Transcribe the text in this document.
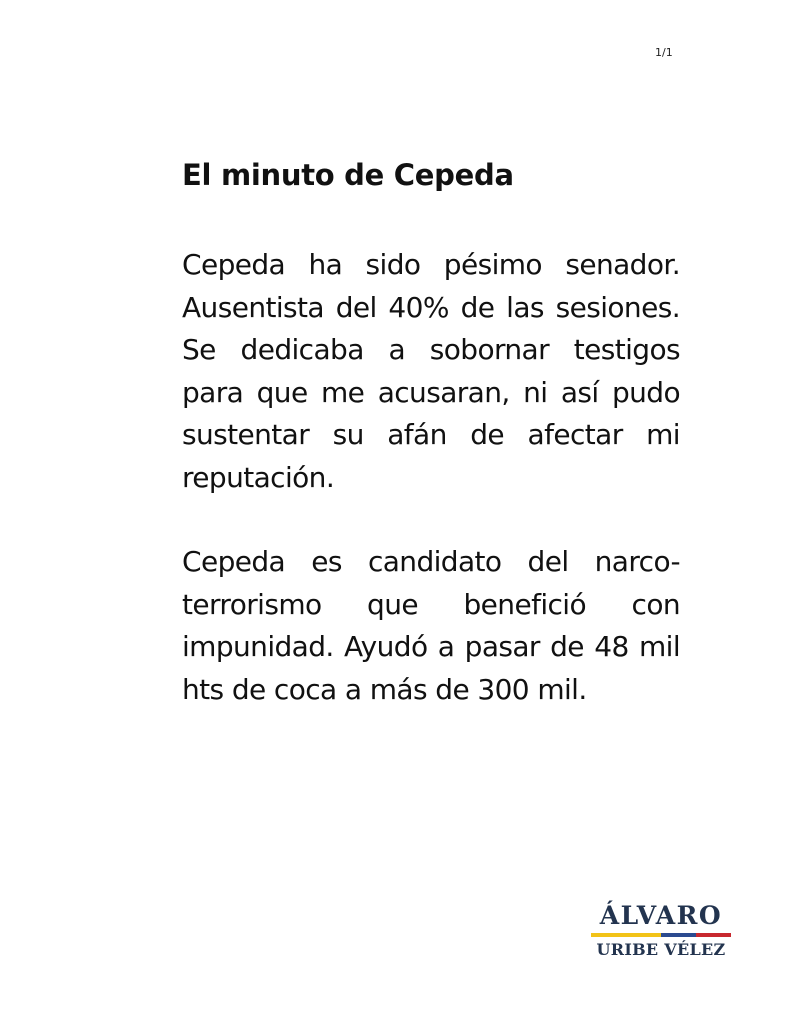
1/1
El minuto de Cepeda

Cepeda ha sido pésimo senador. Ausentista del 40% de las sesiones. Se dedicaba a sobornar testigos para que me acusaran, ni así pudo sustentar su afán de afectar mi reputación.

Cepeda es candidato del narco-terrorismo que benefició con impunidad. Ayudó a pasar de 48 mil hts de coca a más de 300 mil.

ÁLVARO
URIBE VÉLEZ
